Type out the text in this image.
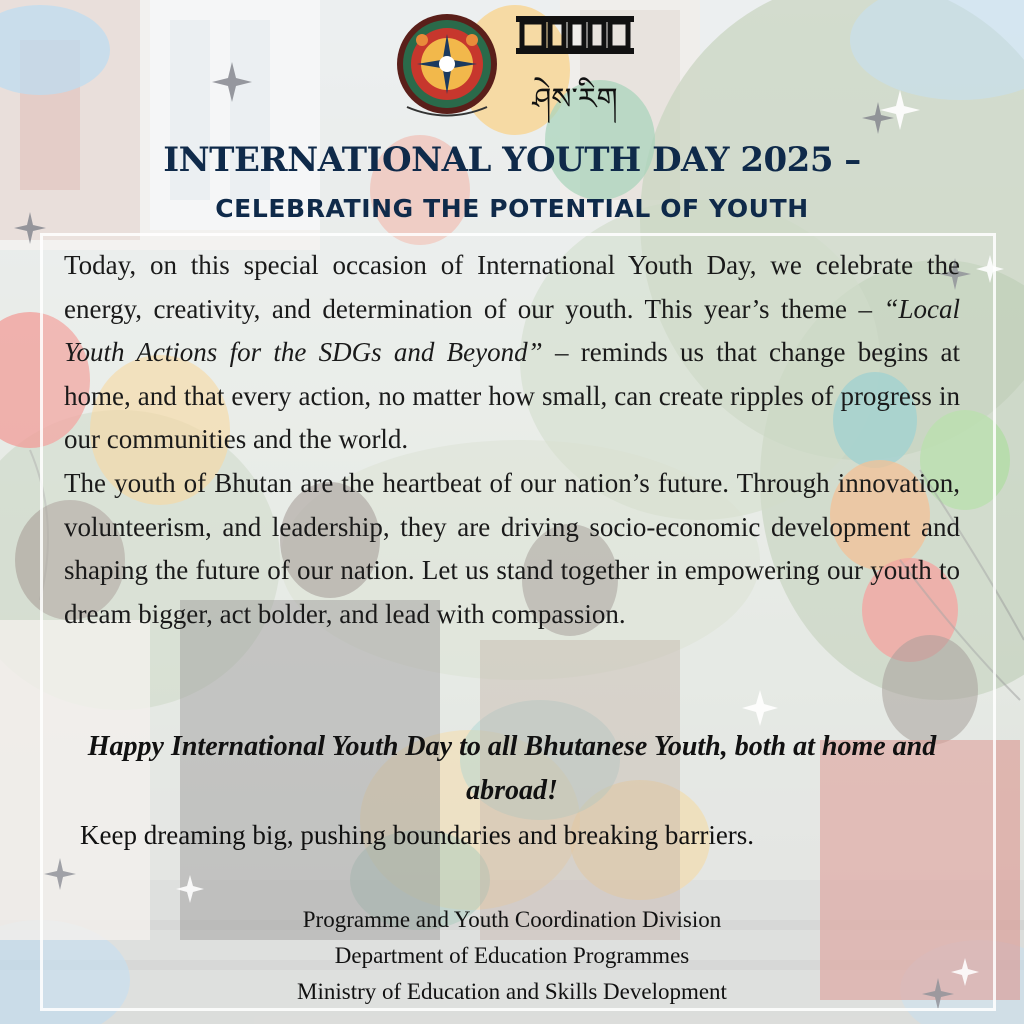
ཤེས་རིག
INTERNATIONAL YOUTH DAY 2025 –
CELEBRATING THE POTENTIAL OF YOUTH

Today, on this special occasion of International Youth Day, we celebrate the energy, creativity, and determination of our youth. This year’s theme – “Local Youth Actions for the SDGs and Beyond” – reminds us that change begins at home, and that every action, no matter how small, can create ripples of progress in our communities and the world.

The youth of Bhutan are the heartbeat of our nation’s future. Through innovation, volunteerism, and leadership, they are driving socio-economic development and shaping the future of our nation. Let us stand together in empowering our youth to dream bigger, act bolder, and lead with compassion.

Happy International Youth Day to all Bhutanese Youth, both at home and abroad!
Keep dreaming big, pushing boundaries and breaking barriers.
Programme and Youth Coordination Division
Department of Education Programmes
Ministry of Education and Skills Development
